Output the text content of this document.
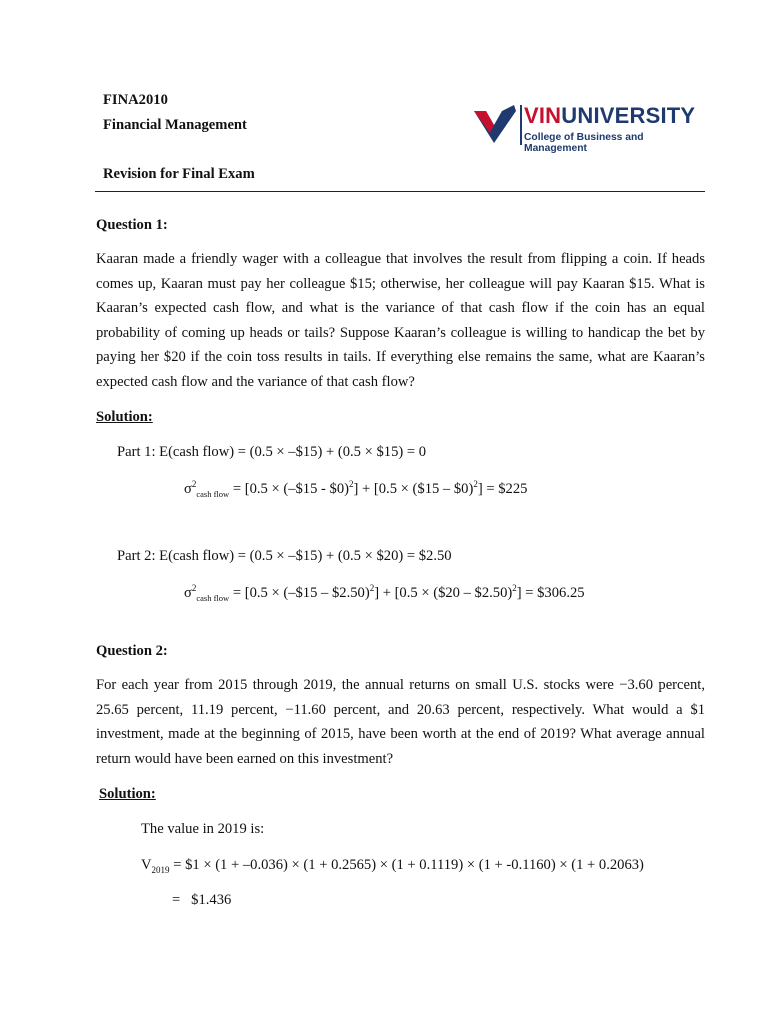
FINA2010
Financial Management
Revision for Final Exam
VINUNIVERSITY
College of Business and Management
Question 1:
Kaaran made a friendly wager with a colleague that involves the result from flipping a coin. If heads comes up, Kaaran must pay her colleague $15; otherwise, her colleague will pay Kaaran $15. What is Kaaran’s expected cash flow, and what is the variance of that cash flow if the coin has an equal probability of coming up heads or tails? Suppose Kaaran’s colleague is willing to handicap the bet by paying her $20 if the coin toss results in tails. If everything else remains the same, what are Kaaran’s expected cash flow and the variance of that cash flow?
Solution:
Part 1: E(cash flow) = (0.5 × –$15) + (0.5 × $15) = 0
$\sigma^2_{cash flow} = [0.5$ × (–$15 - $0)$^2$] + [0.5 × ($15 – $0)$^2$] = $225
Part 2: E(cash flow) = (0.5 × –$15) + (0.5 × $20) = $2.50
$\sigma^2_{cash flow} = [0.5$ × (–$15 – $2.50)$^2$] + [0.5 × ($20 – $2.50)$^2$] = $306.25
Question 2:
For each year from 2015 through 2019, the annual returns on small U.S. stocks were −3.60 percent, 25.65 percent, 11.19 percent, −11.60 percent, and 20.63 percent, respectively. What would a $1 investment, made at the beginning of 2015, have been worth at the end of 2019? What average annual return would have been earned on this investment?
Solution:
The value in 2019 is:
$V_{2019}$ = $1 × (1 + –0.036) × (1 + 0.2565) × (1 + 0.1119) × (1 + -0.1160) × (1 + 0.2063)
=   $1.436
